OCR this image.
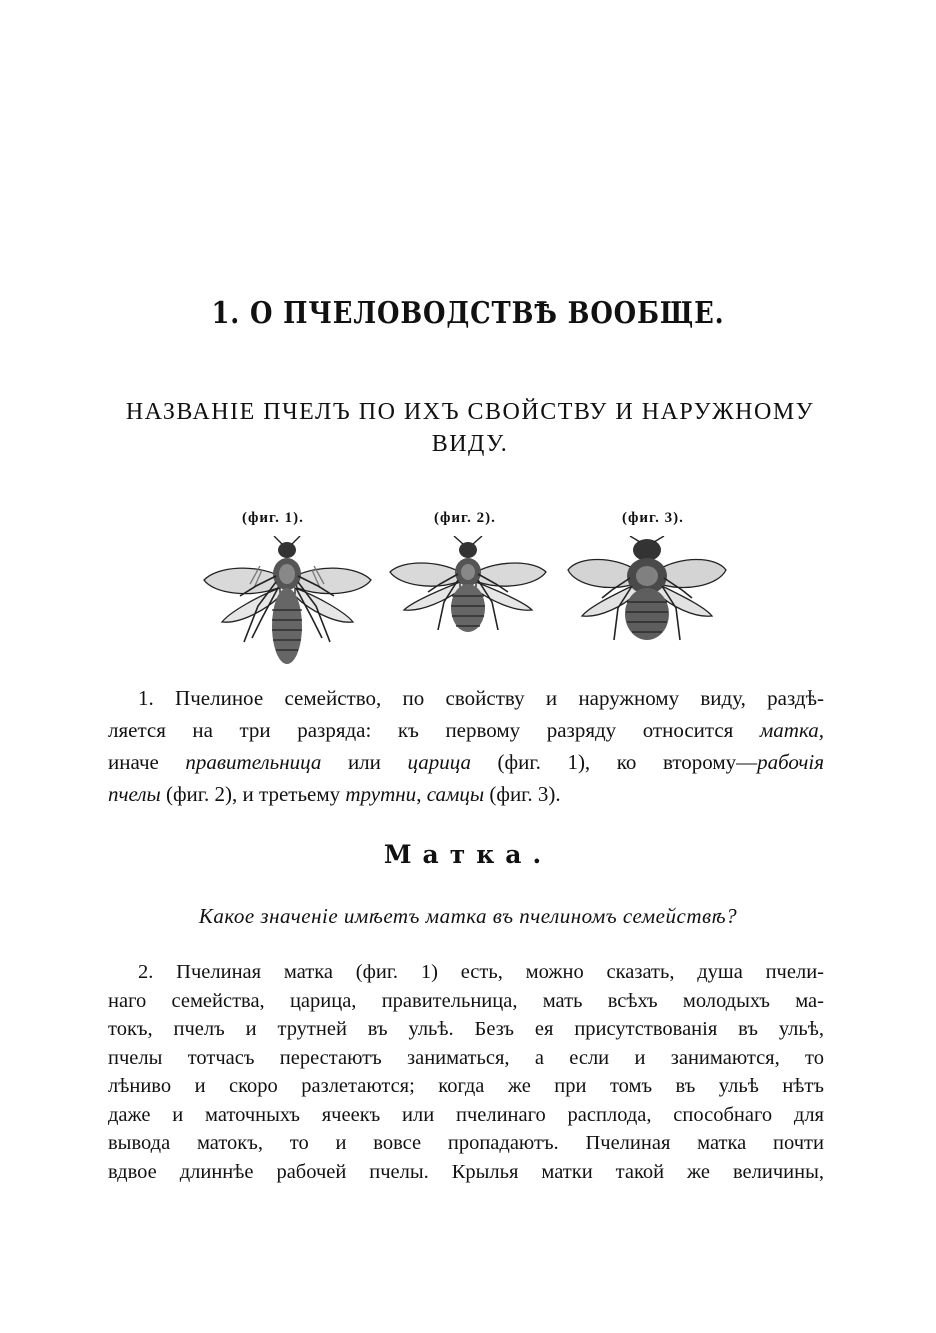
1. О ПЧЕЛОВОДСТВѢ ВООБЩЕ.
НАЗВАНІЕ ПЧЕЛЪ ПО ИХЪ СВОЙСТВУ И НАРУЖНОМУ
ВИДУ.
(фиг. 1).	(фиг. 2).	(фиг. 3).
1. Пчелиное семейство, по свойству и наружному виду, раздѣ-
ляется на три разряда: къ первому разряду относится матка,
иначе правительница или царица (фиг. 1), ко второму—рабочія
пчелы (фиг. 2), и третьему трутни, самцы (фиг. 3).
Матка.
Какое значеніе имѣетъ матка въ пчелиномъ семействѣ?
2. Пчелиная матка (фиг. 1) есть, можно сказать, душа пчели-
наго семейства, царица, правительница, мать всѣхъ молодыхъ ма-
токъ, пчелъ и трутней въ ульѣ. Безъ ея присутствованія въ ульѣ,
пчелы тотчасъ перестаютъ заниматься, а если и занимаются, то
лѣниво и скоро разлетаются; когда же при томъ въ ульѣ нѣтъ
даже и маточныхъ ячеекъ или пчелинаго расплода, способнаго для
вывода матокъ, то и вовсе пропадаютъ. Пчелиная матка почти
вдвое длиннѣе рабочей пчелы. Крылья матки такой же величины,
